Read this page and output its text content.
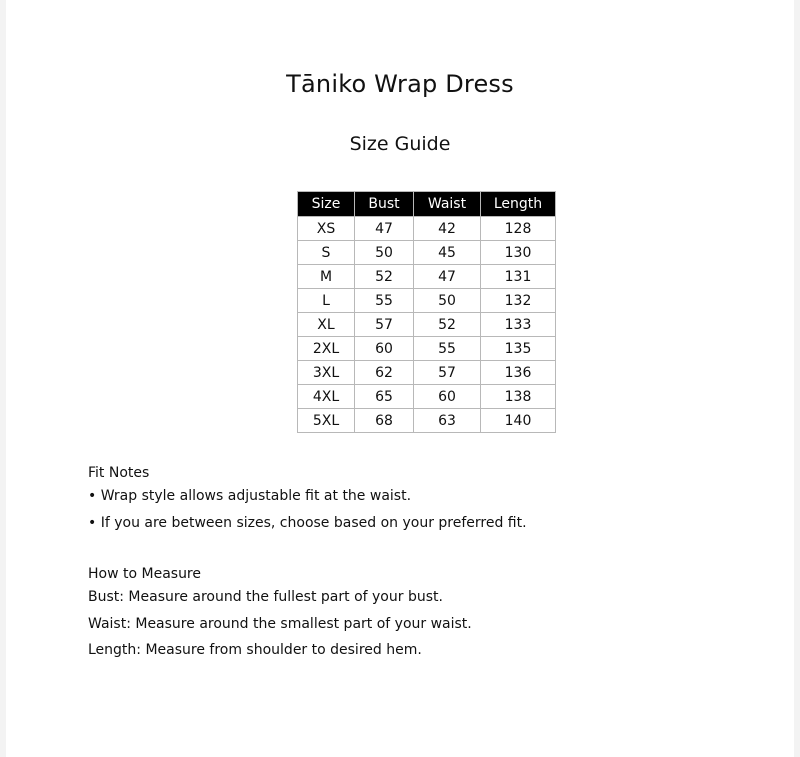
Tāniko Wrap Dress
Size Guide
Size	Bust	Waist	Length
XS	47	42	128
S	50	45	130
M	52	47	131
L	55	50	132
XL	57	52	133
2XL	60	55	135
3XL	62	57	136
4XL	65	60	138
5XL	68	63	140

Fit Notes

• Wrap style allows adjustable fit at the waist.

• If you are between sizes, choose based on your preferred fit.

How to Measure

Bust: Measure around the fullest part of your bust.

Waist: Measure around the smallest part of your waist.

Length: Measure from shoulder to desired hem.
